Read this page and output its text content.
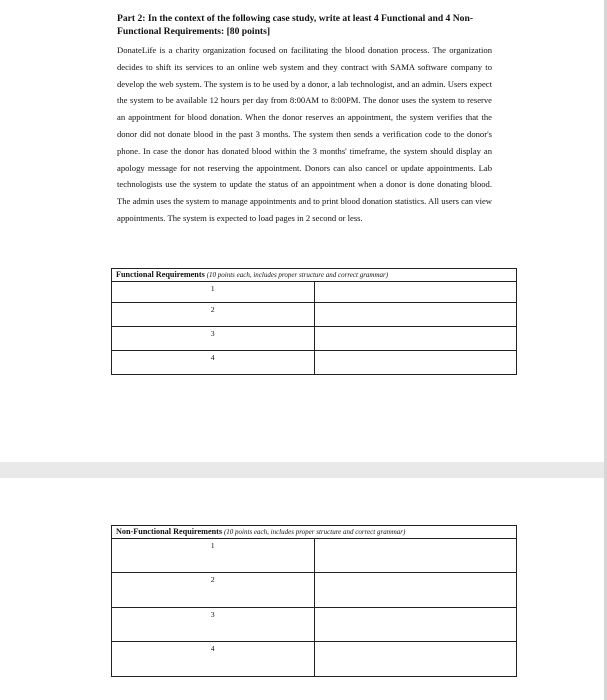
Part 2: In the context of the following case study, write at least 4 Functional and 4 Non-Functional Requirements: [80 points]
DonateLife is a charity organization focused on facilitating the blood donation process. The organization decides to shift its services to an online web system and they contract with SAMA software company to develop the web system. The system is to be used by a donor, a lab technologist, and an admin. Users expect the system to be available 12 hours per day from 8:00AM to 8:00PM. The donor uses the system to reserve an appointment for blood donation. When the donor reserves an appointment, the system verifies that the donor did not donate blood in the past 3 months. The system then sends a verification code to the donor's phone. In case the donor has donated blood within the 3 months' timeframe, the system should display an apology message for not reserving the appointment. Donors can also cancel or update appointments. Lab technologists use the system to update the status of an appointment when a donor is done donating blood. The admin uses the system to manage appointments and to print blood donation statistics. All users can view appointments. The system is expected to load pages in 2 second or less.
Functional Requirements (10 points each, includes proper structure and correct grammar)	
1	
2	
3	
4	
Non-Functional Requirements (10 points each, includes proper structure and correct grammar)	
1	
2	
3	
4	
